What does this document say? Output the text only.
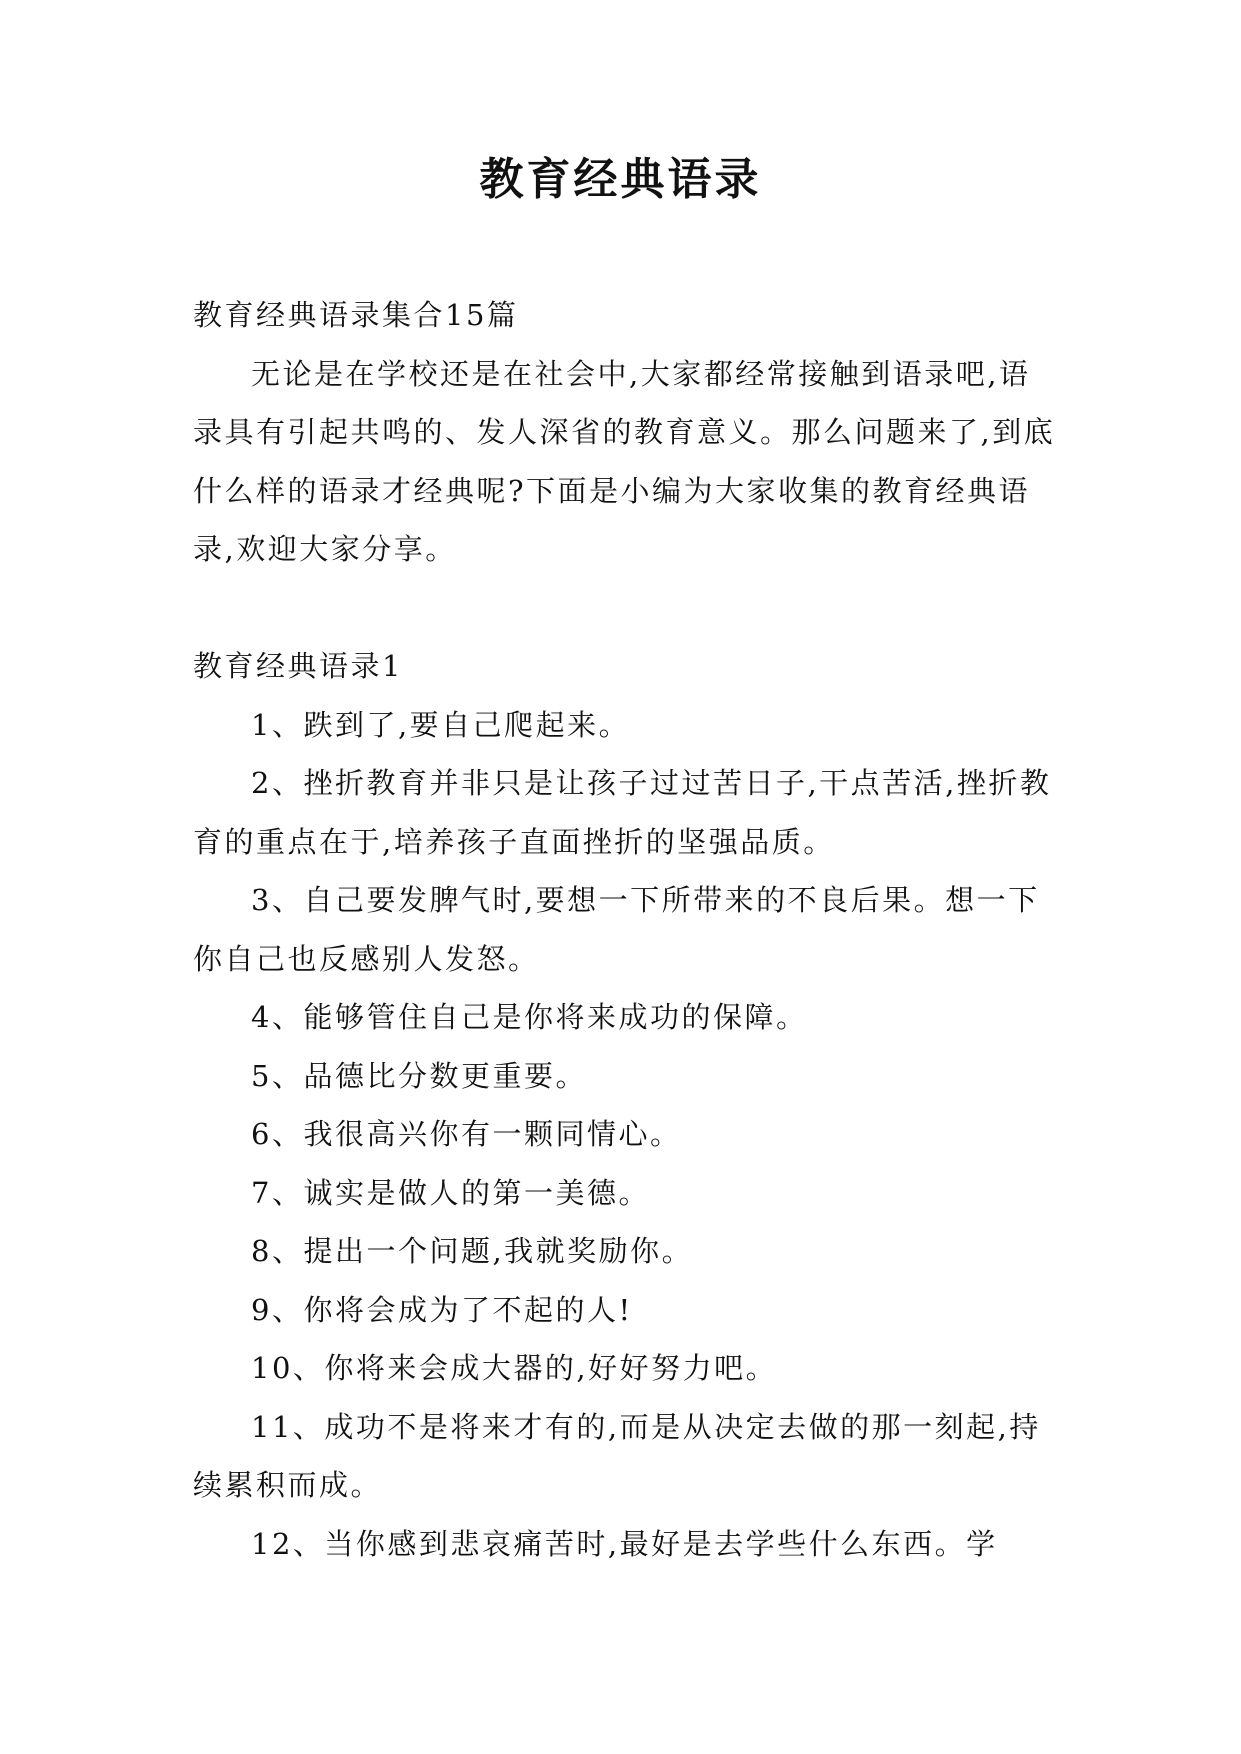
教育经典语录

教育经典语录集合15篇

无论是在学校还是在社会中,大家都经常接触到语录吧,语录具有引起共鸣的、发人深省的教育意义。那么问题来了,到底什么样的语录才经典呢?下面是小编为大家收集的教育经典语录,欢迎大家分享。

教育经典语录1

1、跌到了,要自己爬起来。

2、挫折教育并非只是让孩子过过苦日子,干点苦活,挫折教育的重点在于,培养孩子直面挫折的坚强品质。

3、自己要发脾气时,要想一下所带来的不良后果。想一下你自己也反感别人发怒。

4、能够管住自己是你将来成功的保障。

5、品德比分数更重要。

6、我很高兴你有一颗同情心。

7、诚实是做人的第一美德。

8、提出一个问题,我就奖励你。

9、你将会成为了不起的人!

10、你将来会成大器的,好好努力吧。

11、成功不是将来才有的,而是从决定去做的那一刻起,持续累积而成。

12、当你感到悲哀痛苦时,最好是去学些什么东西。学
